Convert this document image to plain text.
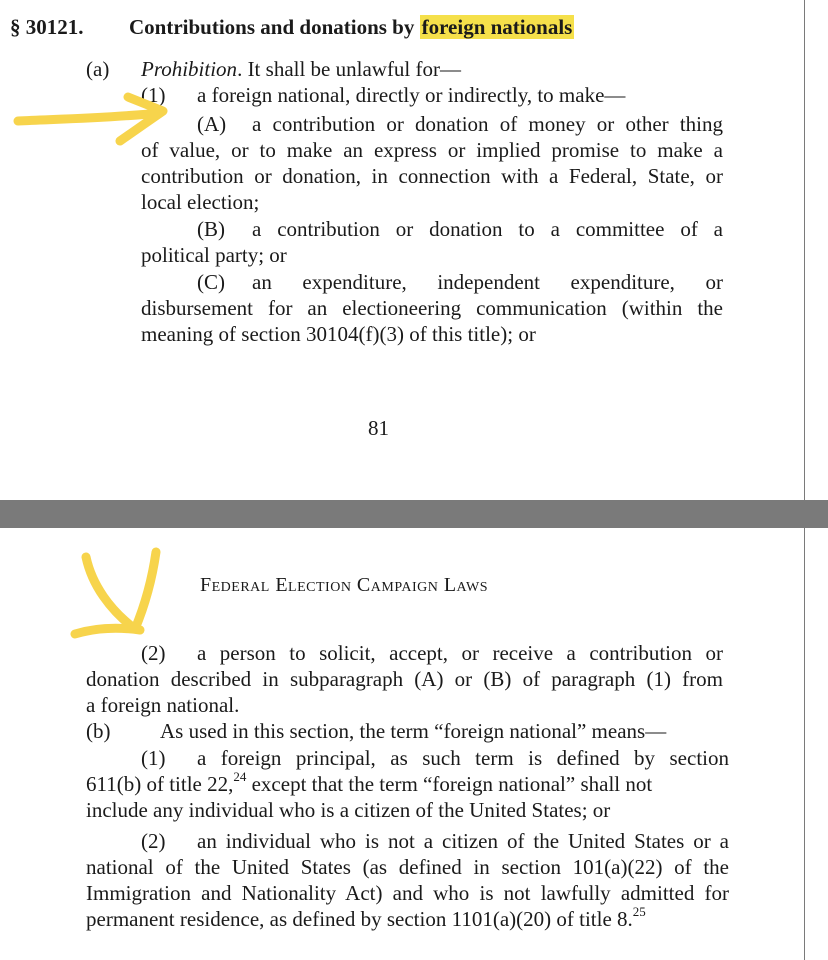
§ 30121. Contributions and donations by foreign nationals
(a) Prohibition. It shall be unlawful for—
(1) a foreign national, directly or indirectly, to make—
(A) a contribution or donation of money or other thing
of value, or to make an express or implied promise to make a
contribution or donation, in connection with a Federal, State, or
local election;
(B) a contribution or donation to a committee of a
political party; or
(C) an expenditure, independent expenditure, or
disbursement for an electioneering communication (within the
meaning of section 30104(f)(3) of this title); or
81
Federal Election Campaign Laws
(2) a person to solicit, accept, or receive a contribution or
donation described in subparagraph (A) or (B) of paragraph (1) from
a foreign national.
(b) As used in this section, the term “foreign national” means—
(1) a foreign principal, as such term is defined by section
611(b) of title 22,24 except that the term “foreign national” shall not
include any individual who is a citizen of the United States; or
(2) an individual who is not a citizen of the United States or a
national of the United States (as defined in section 101(a)(22) of the
Immigration and Nationality Act) and who is not lawfully admitted for
permanent residence, as defined by section 1101(a)(20) of title 8.25
